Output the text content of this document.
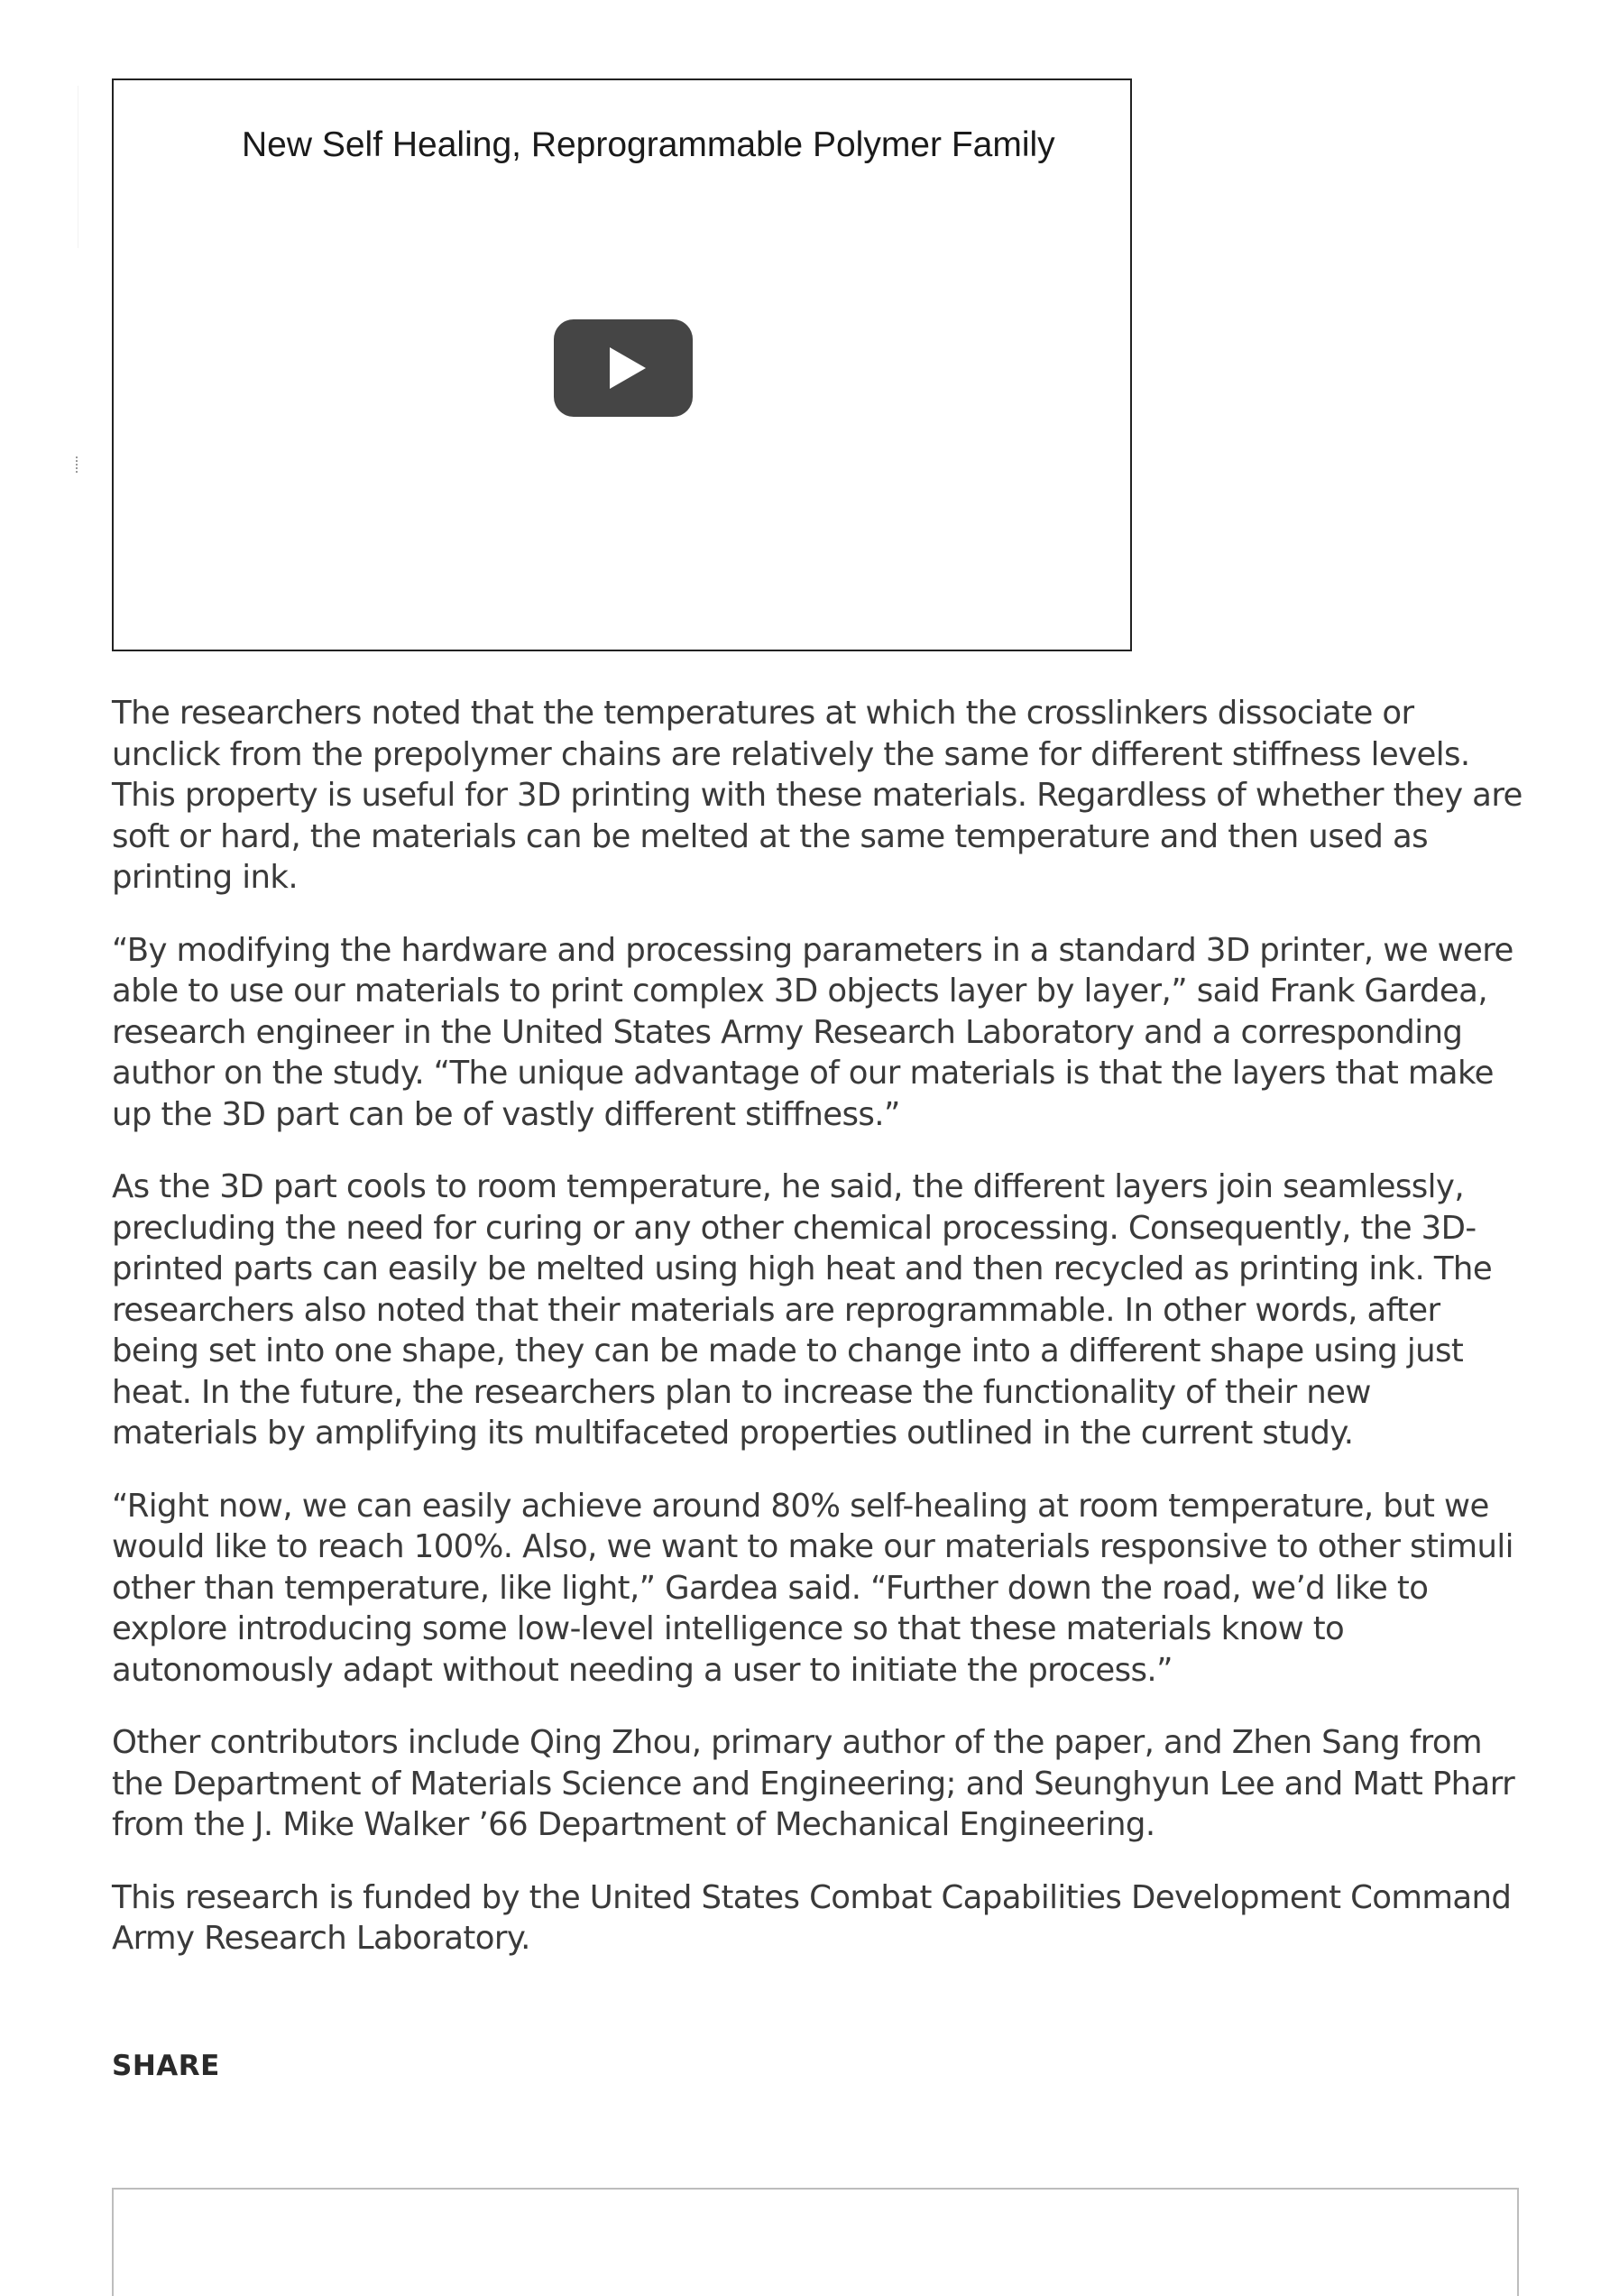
New Self Healing, Reprogrammable Polymer Family

The researchers noted that the temperatures at which the crosslinkers dissociate or unclick from the prepolymer chains are relatively the same for different stiffness levels. This property is useful for 3D printing with these materials. Regardless of whether they are soft or hard, the materials can be melted at the same temperature and then used as printing ink.

“By modifying the hardware and processing parameters in a standard 3D printer, we were able to use our materials to print complex 3D objects layer by layer,” said Frank Gardea, research engineer in the United States Army Research Laboratory and a corresponding author on the study. “The unique advantage of our materials is that the layers that make up the 3D part can be of vastly different stiffness.”

As the 3D part cools to room temperature, he said, the different layers join seamlessly, precluding the need for curing or any other chemical processing. Consequently, the 3D-printed parts can easily be melted using high heat and then recycled as printing ink. The researchers also noted that their materials are reprogrammable. In other words, after being set into one shape, they can be made to change into a different shape using just heat. In the future, the researchers plan to increase the functionality of their new materials by amplifying its multifaceted properties outlined in the current study.

“Right now, we can easily achieve around 80% self-healing at room temperature, but we would like to reach 100%. Also, we want to make our materials responsive to other stimuli other than temperature, like light,” Gardea said. “Further down the road, we’d like to explore introducing some low-level intelligence so that these materials know to autonomously adapt without needing a user to initiate the process.”

Other contributors include Qing Zhou, primary author of the paper, and Zhen Sang from the Department of Materials Science and Engineering; and Seunghyun Lee and Matt Pharr from the J. Mike Walker ’66 Department of Mechanical Engineering.

This research is funded by the United States Combat Capabilities Development Command Army Research Laboratory.

SHARE
